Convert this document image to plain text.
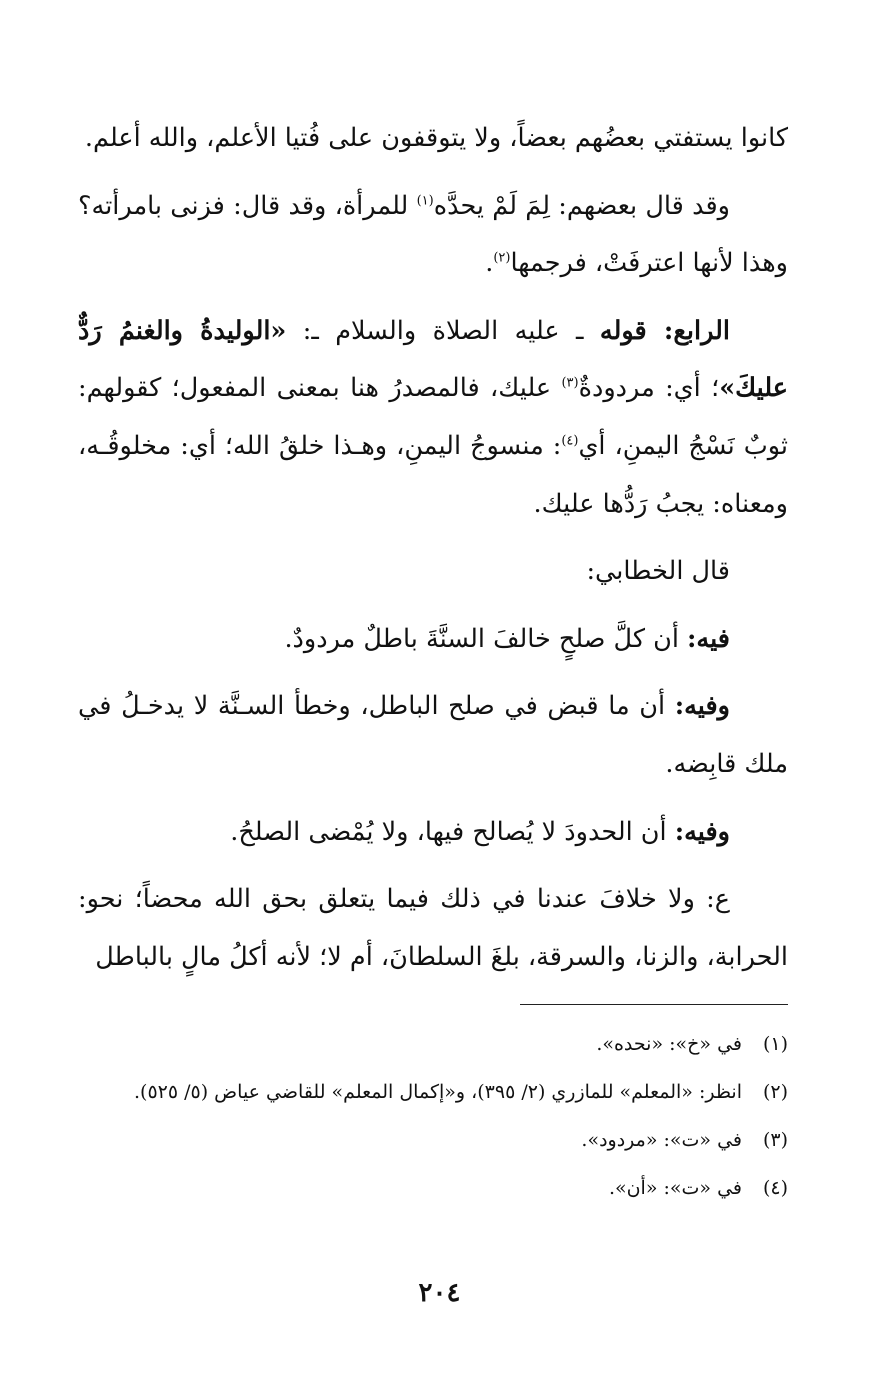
كانوا يستفتي بعضُهم بعضاً، ولا يتوقفون على فُتيا الأعلم، والله أعلم.

وقد قال بعضهم: لِمَ لَمْ يحدَّه$^{(١)}$ للمرأة، وقد قال: فزنى بامرأته؟ وهذا لأنها اعترفَتْ، فرجمها$^{(٢)}$.

الرابع: قوله ـ عليه الصلاة والسلام ـ: «الوليدةُ والغنمُ رَدٌّ عليكَ»؛ أي: مردودةٌ$^{(٣)}$ عليك، فالمصدرُ هنا بمعنى المفعول؛ كقولهم: ثوبٌ نَسْجُ اليمنِ، أي$^{(٤)}$: منسوجُ اليمنِ، وهـذا خلقُ الله؛ أي: مخلوقُـه، ومعناه: يجبُ رَدُّها عليك.

قال الخطابي:

فيه: أن كلَّ صلحٍ خالفَ السنَّةَ باطلٌ مردودٌ.

وفيه: أن ما قبض في صلح الباطل، وخطأ السـنَّة لا يدخـلُ في ملك قابِضه.

وفيه: أن الحدودَ لا يُصالح فيها، ولا يُمْضى الصلحُ.

ع: ولا خلافَ عندنا في ذلك فيما يتعلق بحق الله محضاً؛ نحو: الحرابة، والزنا، والسرقة، بلغَ السلطانَ، أم لا؛ لأنه أكلُ مالٍ بالباطل

(١)
في «خ»: «نحده».
(٢)
انظر: «المعلم» للمازري (٢/ ٣٩٥)، و«إكمال المعلم» للقاضي عياض (٥/ ٥٢٥).
(٣)
في «ت»: «مردود».
(٤)
في «ت»: «أن».
٢٠٤
